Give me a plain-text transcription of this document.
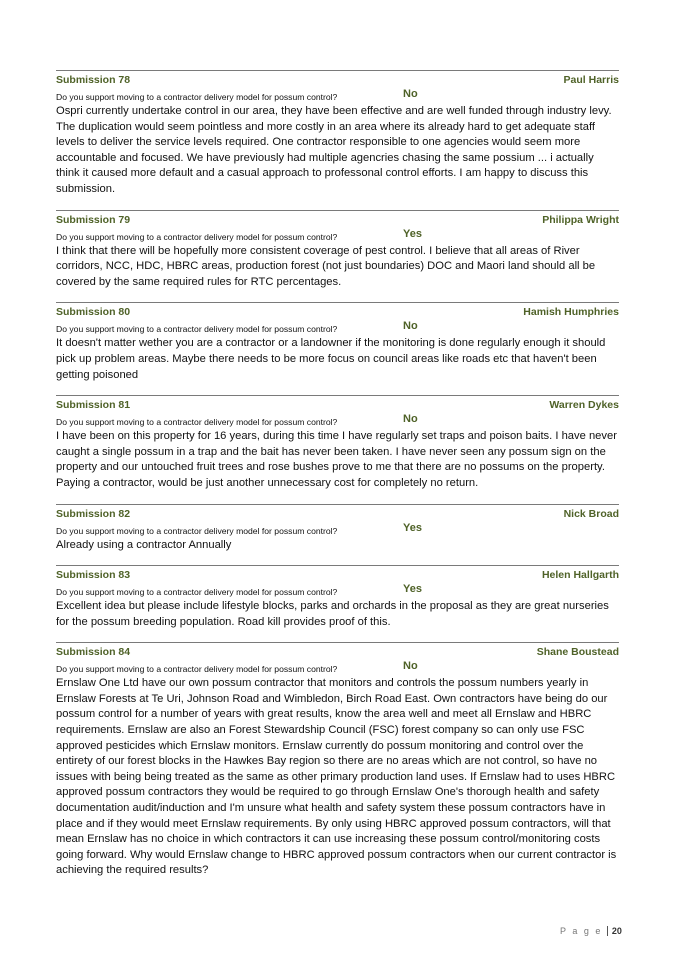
Submission 78	Paul Harris
Do you support moving to a contractor delivery model for possum control?	No
Ospri currently undertake control in our area, they have been effective and are well funded through industry levy. The duplication would seem pointless and more costly in an area where its already hard to get adequate staff levels to deliver the service levels required. One contractor responsible to one agencies would seem more accountable and focused. We have previously had multiple agencries chasing the same possium ... i actually think it caused more default and a casual approach to professonal control efforts. I am happy to discuss this submission.
Submission 79	Philippa Wright
Do you support moving to a contractor delivery model for possum control?	Yes
I think that there will be hopefully more consistent coverage of pest control. I believe that all areas of River corridors, NCC, HDC, HBRC areas, production forest (not just boundaries) DOC and Maori land should all be covered by the same required rules for RTC percentages.
Submission 80	Hamish Humphries
Do you support moving to a contractor delivery model for possum control?	No
It doesn't matter wether you are a contractor or a landowner if the monitoring is done regularly enough it should pick up problem areas. Maybe there needs to be more focus on council areas like roads etc that haven't been getting poisoned
Submission 81	Warren Dykes
Do you support moving to a contractor delivery model for possum control?	No
I have been on this property for 16 years, during this time I have regularly set traps and poison baits. I have never caught a single possum in a trap and the bait has never been taken. I have never seen any possum sign on the property and our untouched fruit trees and rose bushes prove to me that there are no possums on the property. Paying a contractor, would be just another unnecessary cost for completely no return.
Submission 82	Nick Broad
Do you support moving to a contractor delivery model for possum control?	Yes
Already using a contractor Annually
Submission 83	Helen Hallgarth
Do you support moving to a contractor delivery model for possum control?	Yes
Excellent idea but please include lifestyle blocks, parks and orchards in the proposal as they are great nurseries for the possum breeding population. Road kill provides proof of this.
Submission 84	Shane Boustead
Do you support moving to a contractor delivery model for possum control?	No
Ernslaw One Ltd have our own possum contractor that monitors and controls the possum numbers yearly in Ernslaw Forests at Te Uri, Johnson Road and Wimbledon, Birch Road East. Own contractors have being do our possum control for a number of years with great results, know the area well and meet all Ernslaw and HBRC requirements. Ernslaw are also an Forest Stewardship Council (FSC) forest company so can only use FSC approved pesticides which Ernslaw monitors. Ernslaw currently do possum monitoring and control over the entirety of our forest blocks in the Hawkes Bay region so there are no areas which are not control, so have no issues with being being treated as the same as other primary production land uses. If Ernslaw had to uses HBRC approved possum contractors they would be required to go through Ernslaw One's thorough health and safety documentation audit/induction and I'm unsure what health and safety system these possum contractors have in place and if they would meet Ernslaw requirements. By only using HBRC approved possum contractors, will that mean Ernslaw has no choice in which contractors it can use increasing these possum control/monitoring costs going forward. Why would Ernslaw change to HBRC approved possum contractors when our current contractor is achieving the required results?
P a g e 20
